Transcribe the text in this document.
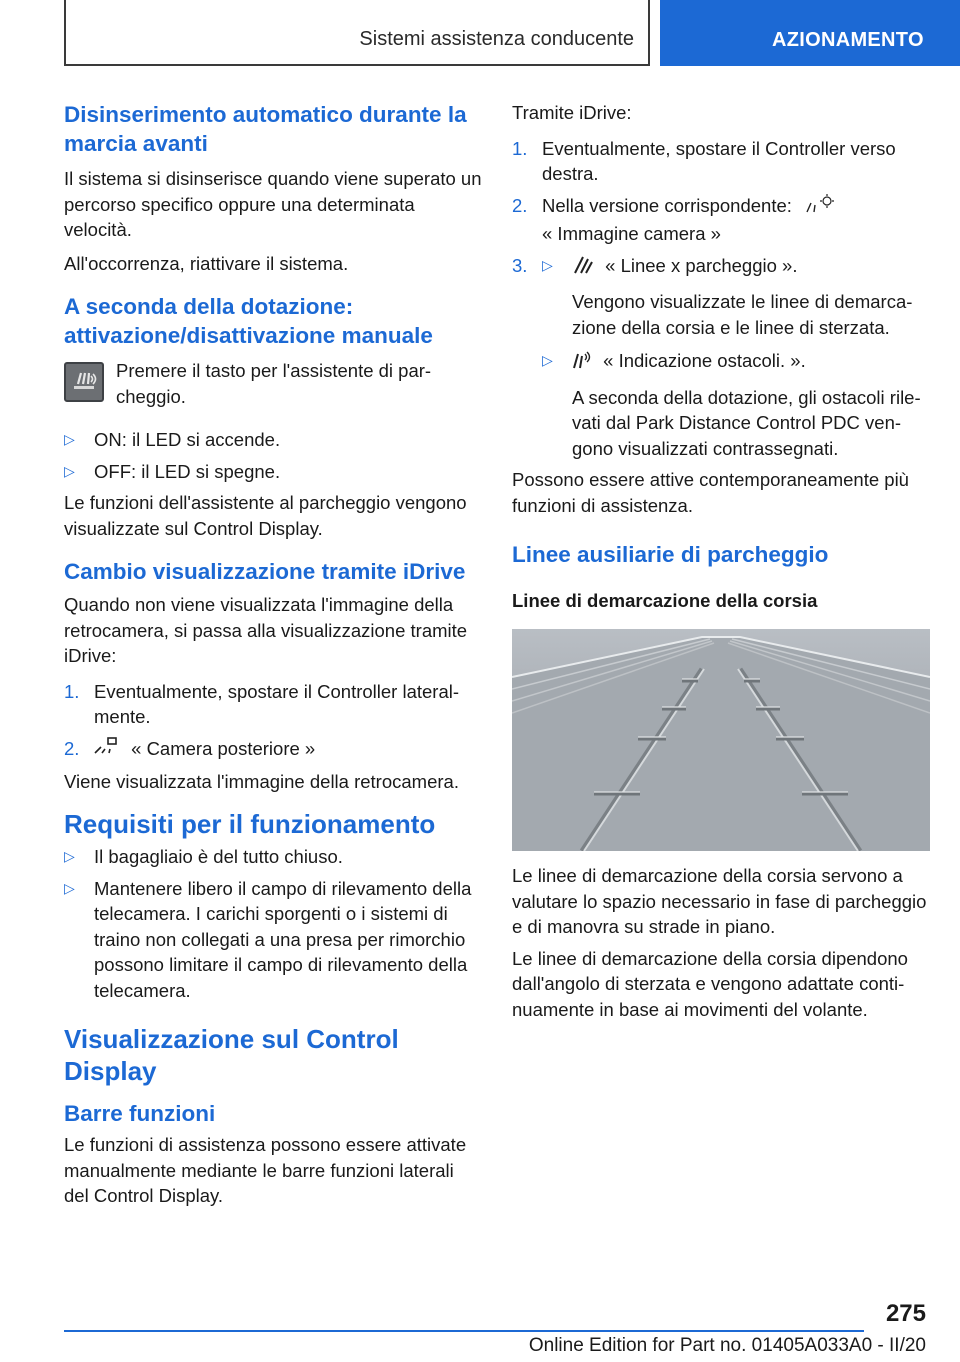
Sistemi assistenza conducente	AZIONAMENTO
Disinserimento automatico durante la marcia avanti

Il sistema si disinserisce quando viene superato un percorso specifico oppure una determinata velocità.

All'occorrenza, riattivare il sistema.

A seconda della dotazione: attivazione/disattivazione manuale

Premere il tasto per l'assistente di parcheggio.

▷ ON: il LED si accende.
▷ OFF: il LED si spegne.

Le funzioni dell'assistente al parcheggio vengono visualizzate sul Control Display.

Cambio visualizzazione tramite iDrive

Quando non viene visualizzata l'immagine della retrocamera, si passa alla visualizzazione tramite iDrive:

1. Eventualmente, spostare il Controller lateralmente.
2.	« Camera posteriore »

Viene visualizzata l'immagine della retrocamera.

Requisiti per il funzionamento
▷ Il bagagliaio è del tutto chiuso.
▷ Mantenere libero il campo di rilevamento della telecamera. I carichi sporgenti o i sistemi di traino non collegati a una presa per rimorchio possono limitare il campo di rilevamento della telecamera.
Visualizzazione sul Control Display
Barre funzioni

Le funzioni di assistenza possono essere attivate manualmente mediante le barre funzioni laterali del Control Display.

Tramite iDrive:

1. Eventualmente, spostare il Controller verso destra.
2. Nella versione corrispondente:
« Immagine camera »
3. ▷	« Linee x parcheggio ».

Vengono visualizzate le linee di demarcazione della corsia e le linee di sterzata.

▷	« Indicazione ostacoli. ».

A seconda della dotazione, gli ostacoli rilevati dal Park Distance Control PDC vengono visualizzati contrassegnati.

Possono essere attive contemporaneamente più funzioni di assistenza.

Linee ausiliarie di parcheggio
Linee di demarcazione della corsia

Le linee di demarcazione della corsia servono a valutare lo spazio necessario in fase di parcheggio e di manovra su strade in piano.

Le linee di demarcazione della corsia dipendono dall'angolo di sterzata e vengono adattate continuamente in base ai movimenti del volante.

275
Online Edition for Part no. 01405A033A0 - II/20
